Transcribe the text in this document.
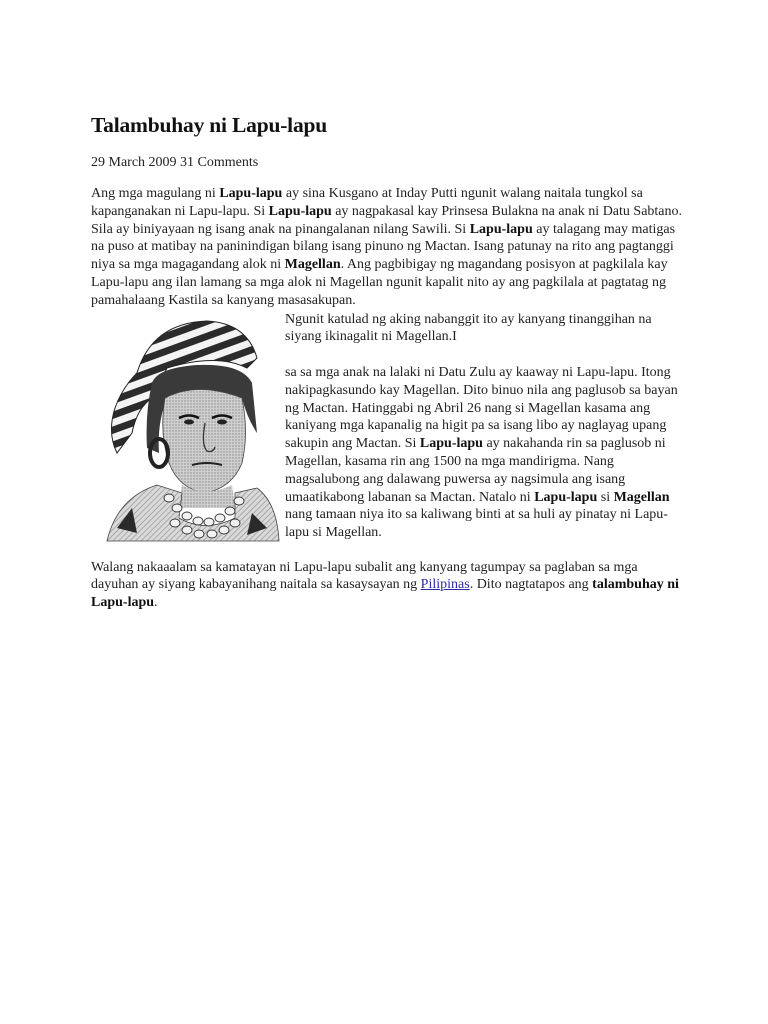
Talambuhay ni Lapu-lapu
29 March 2009 31 Comments

Ang mga magulang ni Lapu-lapu ay sina Kusgano at Inday Putti ngunit walang naitala tungkol sa kapanganakan ni Lapu-lapu. Si Lapu-lapu ay nagpakasal kay Prinsesa Bulakna na anak ni Datu Sabtano. Sila ay biniyayaan ng isang anak na pinangalanan nilang Sawili. Si Lapu-lapu ay talagang may matigas na puso at matibay na paninindigan bilang isang pinuno ng Mactan. Isang patunay na rito ang pagtanggi niya sa mga magagandang alok ni Magellan. Ang pagbibigay ng magandang posisyon at pagkilala kay Lapu-lapu ang ilan lamang sa mga alok ni Magellan ngunit kapalit nito ay ang pagkilala at pagtatag ng pamahalaang Kastila sa kanyang masasakupan.

Ngunit katulad ng aking nabanggit ito ay kanyang tinanggihan na siyang ikinagalit ni Magellan.I

sa sa mga anak na lalaki ni Datu Zulu ay kaaway ni Lapu-lapu. Itong nakipagkasundo kay Magellan. Dito binuo nila ang paglusob sa bayan ng Mactan. Hatinggabi ng Abril 26 nang si Magellan kasama ang kaniyang mga kapanalig na higit pa sa isang libo ay naglayag upang sakupin ang Mactan. Si Lapu-lapu ay nakahanda rin sa paglusob ni Magellan, kasama rin ang 1500 na mga mandirigma. Nang magsalubong ang dalawang puwersa ay nagsimula ang isang umaatikabong labanan sa Mactan. Natalo ni Lapu-lapu si Magellan nang tamaan niya ito sa kaliwang binti at sa huli ay pinatay ni Lapu-lapu si Magellan.

Walang nakaaalam sa kamatayan ni Lapu-lapu subalit ang kanyang tagumpay sa paglaban sa mga dayuhan ay siyang kabayanihang naitala sa kasaysayan ng Pilipinas. Dito nagtatapos ang talambuhay ni Lapu-lapu.
